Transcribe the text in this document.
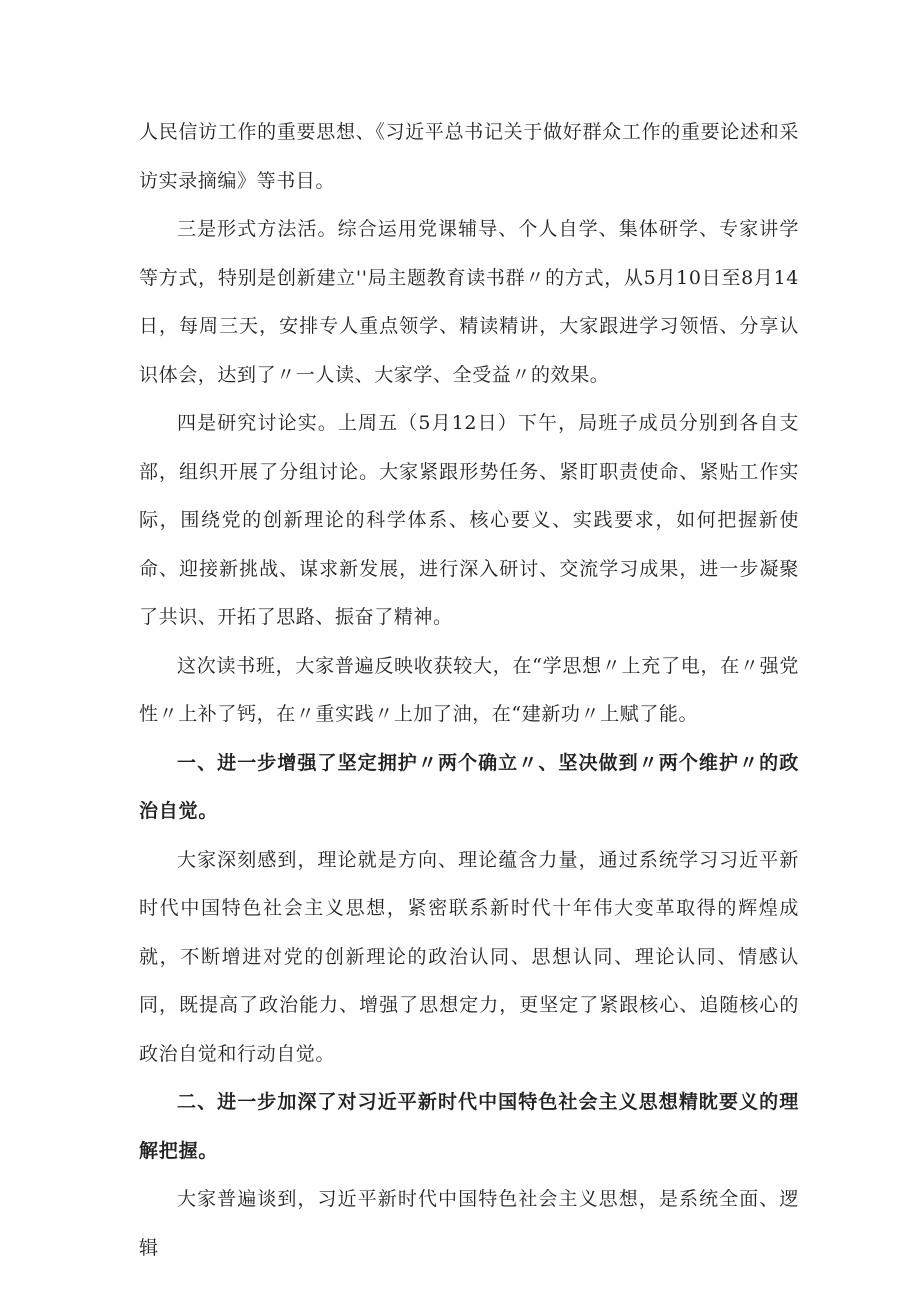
人民信访工作的重要思想、《习近平总书记关于做好群众工作的重要论述和采访实录摘编》等书目。

三是形式方法活。综合运用党课辅导、个人自学、集体研学、专家讲学等方式，特别是创新建立''局主题教育读书群〃的方式，从5月10日至8月14日，每周三天，安排专人重点领学、精读精讲，大家跟进学习领悟、分享认识体会，达到了〃一人读、大家学、全受益〃的效果。

四是研究讨论实。上周五（5月12日）下午，局班子成员分别到各自支部，组织开展了分组讨论。大家紧跟形势任务、紧盯职责使命、紧贴工作实际，围绕党的创新理论的科学体系、核心要义、实践要求，如何把握新使命、迎接新挑战、谋求新发展，进行深入研讨、交流学习成果，进一步凝聚了共识、开拓了思路、振奋了精神。

这次读书班，大家普遍反映收获较大，在“学思想〃上充了电，在〃强党性〃上补了钙，在〃重实践〃上加了油，在“建新功〃上赋了能。

一、进一步增强了坚定拥护〃两个确立〃、坚决做到〃两个维护〃的政治自觉。

大家深刻感到，理论就是方向、理论蕴含力量，通过系统学习习近平新时代中国特色社会主义思想，紧密联系新时代十年伟大变革取得的辉煌成就，不断增进对党的创新理论的政治认同、思想认同、理论认同、情感认同，既提高了政治能力、增强了思想定力，更坚定了紧跟核心、追随核心的政治自觉和行动自觉。

二、进一步加深了对习近平新时代中国特色社会主义思想精眈要义的理解把握。

大家普遍谈到，习近平新时代中国特色社会主义思想，是系统全面、逻辑
